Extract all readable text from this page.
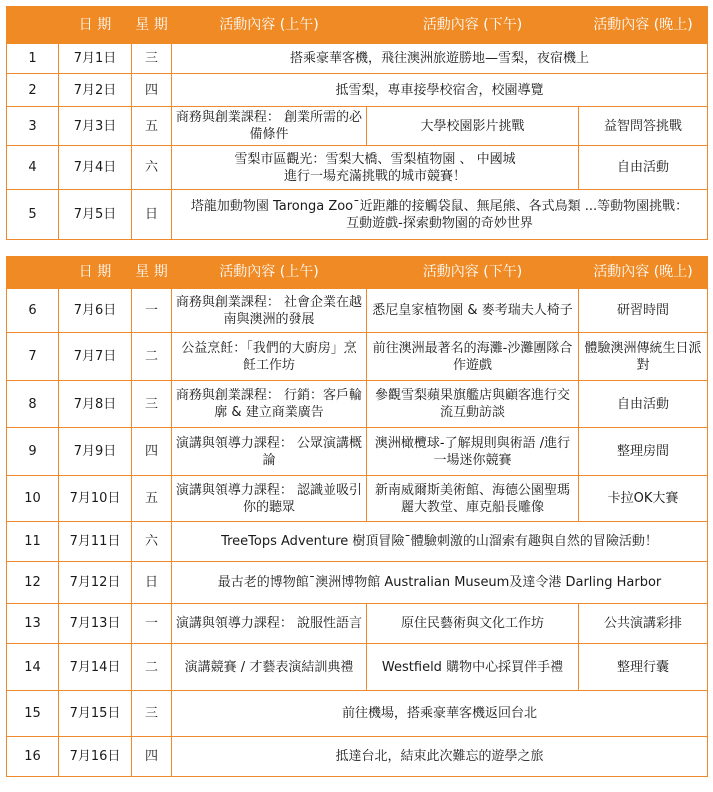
	日 期	星 期	活動內容 (上午)	活動內容 (下午)	活動內容 (晚上)
1	7月1日	三	搭乘豪華客機，飛往澳洲旅遊勝地—雪梨，夜宿機上		
2	7月2日	四	抵雪梨，專車接學校宿舍，校園導覽		
3	7月3日	五	商務與創業課程： 創業所需的必備條件	大學校園影片挑戰	益智問答挑戰
4	7月4日	六	雪梨市區觀光：雪梨大橋、雪梨植物園 、 中國城進行一場充滿挑戰的城市競賽！		自由活動
5	7月5日	日	塔龍加動物園 Taronga Zoo¯近距離的接觸袋鼠、無尾熊、各式鳥類 ...等動物園挑戰：互動遊戲-探索動物園的奇妙世界		
	日 期	星 期	活動內容 (上午)	活動內容 (下午)	活動內容 (晚上)
6	7月6日	一	商務與創業課程： 社會企業在越南與澳洲的發展	悉尼皇家植物園 & 麥考瑞夫人椅子	研習時間
7	7月7日	二	公益烹飪：「我們的大廚房」烹飪工作坊	前往澳洲最著名的海灘-沙灘團隊合作遊戲	體驗澳洲傳統生日派對
8	7月8日	三	商務與創業課程： 行銷：客戶輪廓 & 建立商業廣告	參觀雪梨蘋果旗艦店與顧客進行交流互動訪談	自由活動
9	7月9日	四	演講與領導力課程： 公眾演講概論	澳洲橄欖球-了解規則與術語 /進行一場迷你競賽	整理房間
10	7月10日	五	演講與領導力課程： 認識並吸引你的聽眾	新南威爾斯美術館、海德公園聖瑪麗大教堂、庫克船長雕像	卡拉OK大賽
11	7月11日	六	TreeTops Adventure 樹頂冒險¯體驗刺激的山溜索有趣與自然的冒險活動！		
12	7月12日	日	最古老的博物館¯澳洲博物館 Australian Museum及達令港 Darling Harbor		
13	7月13日	一	演講與領導力課程： 說服性語言	原住民藝術與文化工作坊	公共演講彩排
14	7月14日	二	演講競賽 / 才藝表演結訓典禮	Westfield 購物中心採買伴手禮	整理行囊
15	7月15日	三	前往機場，搭乘豪華客機返回台北		
16	7月16日	四	抵達台北，結束此次難忘的遊學之旅		
